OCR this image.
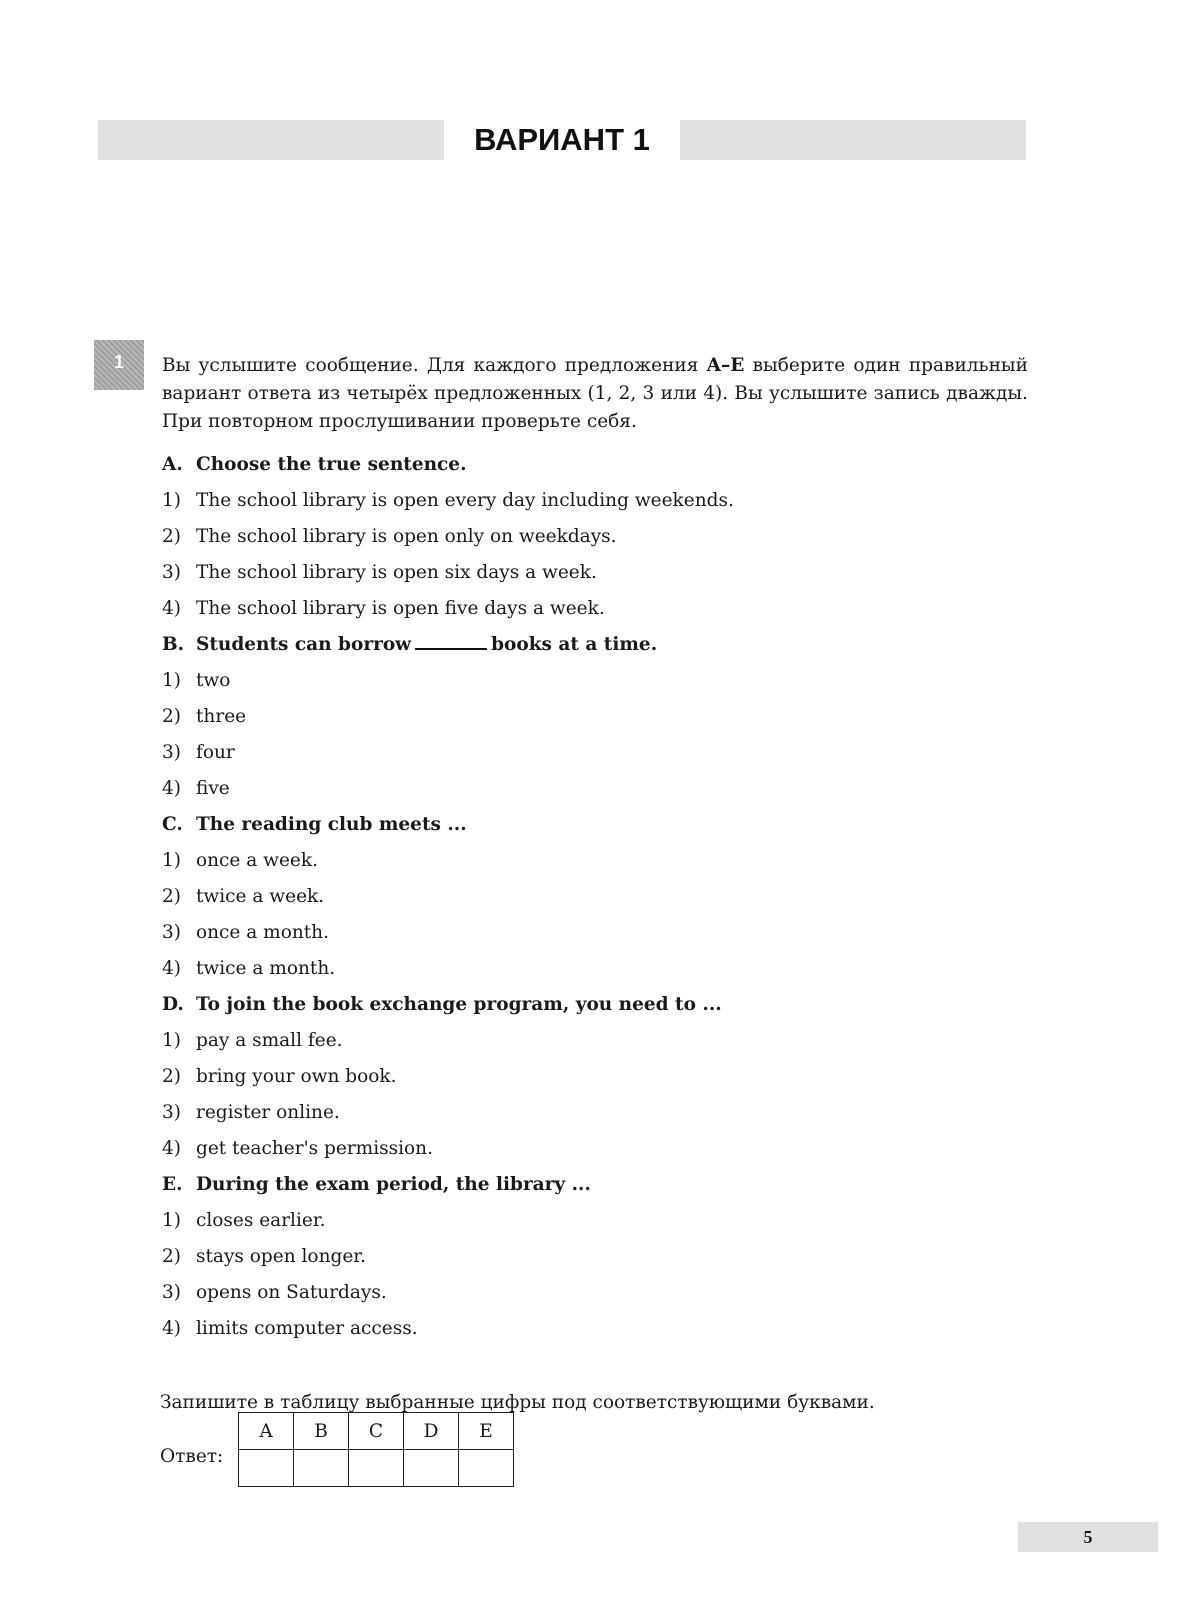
ВАРИАНТ 1
1	Вы услышите сообщение. Для каждого предложения A–E выберите один правильный вариант ответа из четырёх предложенных (1, 2, 3 или 4). Вы услышите запись дважды. При повторном прослушивании проверьте себя.

A. Choose the true sentence.
1) The school library is open every day including weekends.
2) The school library is open only on weekdays.
3) The school library is open six days a week.
4) The school library is open five days a week.
B. Students can borrow	books at a time.
1) two
2) three
3) four
4) five
C. The reading club meets ...
1) once a week.
2) twice a week.
3) once a month.
4) twice a month.
D. To join the book exchange program, you need to ...
1) pay a small fee.
2) bring your own book.
3) register online.
4) get teacher's permission.
E. During the exam period, the library ...
1) closes earlier.
2) stays open longer.
3) opens on Saturdays.
4) limits computer access.
Запишите в таблицу выбранные цифры под соответствующими буквами.
Ответ:
A	B	C	D	E

5
